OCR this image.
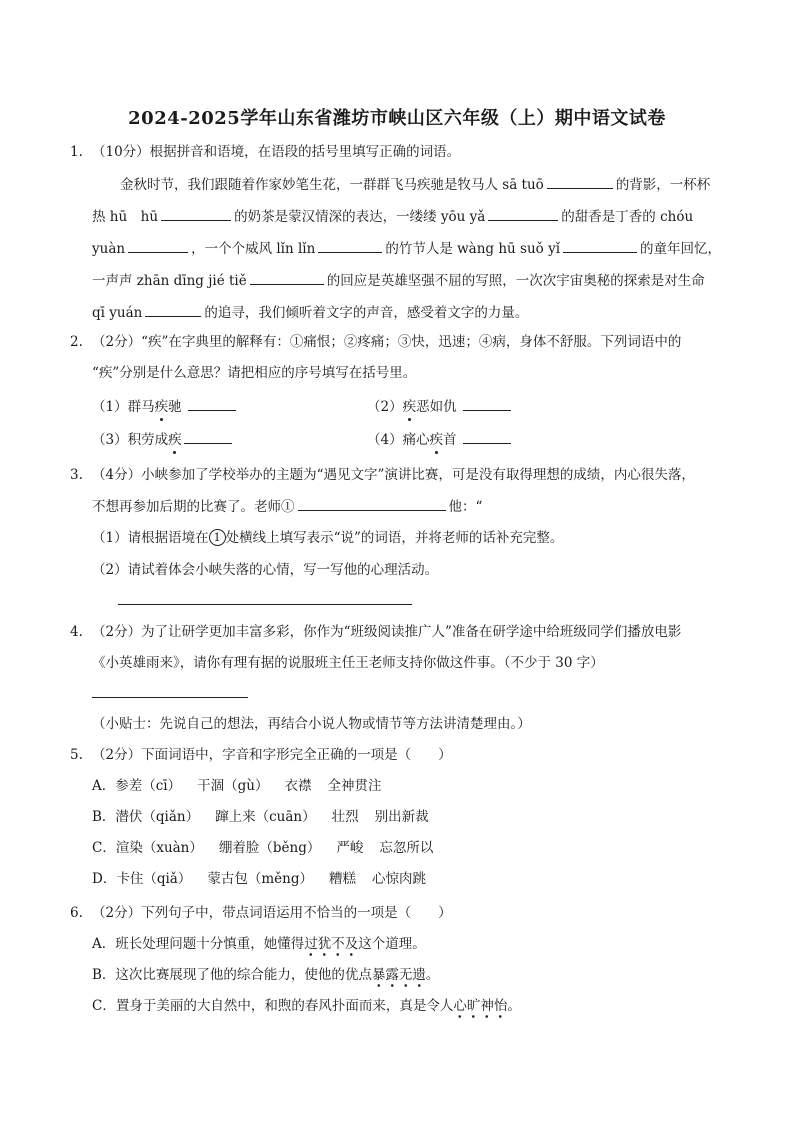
2024-2025学年山东省潍坊市峡山区六年级（上）期中语文试卷
1. （10分）根据拼音和语境，在语段的括号里填写正确的词语。
金秋时节，我们跟随着作家妙笔生花，一群群飞马疾驰是牧马人 sā tuō	的背影，一杯杯
热 hū　hū	的奶茶是蒙汉情深的表达，一缕缕 yōu yǎ	的甜香是丁香的 chóu
yuàn	，一个个威风 lǐn lǐn	的竹节人是 wàng hū suǒ yǐ	的童年回忆，
一声声 zhān dīng jié tiě	的回应是英雄坚强不屈的写照，一次次宇宙奥秘的探索是对生命
qī yuán	的追寻，我们倾听着文字的声音，感受着文字的力量。
2. （2分）“疾”在字典里的解释有：①痛恨；②疼痛；③快，迅速；④病，身体不舒服。下列词语中的
“疾”分别是什么意思？请把相应的序号填写在括号里。
（1）群马疾驰	（2）疾恶如仇
（3）积劳成疾	（4）痛心疾首
3. （4分）小峡参加了学校举办的主题为“遇见文字”演讲比赛，可是没有取得理想的成绩，内心很失落，
不想再参加后期的比赛了。老师①	他：“
（1）请根据语境在 1 处横线上填写表示“说”的词语，并将老师的话补充完整。
（2）请试着体会小峡失落的心情，写一写他的心理活动。
4. （2分）为了让研学更加丰富多彩，你作为“班级阅读推广人”准备在研学途中给班级同学们播放电影
《小英雄雨来》，请你有理有据的说服班主任王老师支持你做这件事。（不少于 30 字）
（小贴士：先说自己的想法，再结合小说人物或情节等方法讲清楚理由。）
5. （2分）下面词语中，字音和字形完全正确的一项是（　　）
A．参差（cī） 干涸（gù） 衣襟 全神贯注
B．潜伏（qiǎn） 蹿上来（cuān） 壮烈 别出新裁
C．渲染（xuàn） 绷着脸（běng） 严峻 忘忽所以
D．卡住（qiǎ） 蒙古包（měng） 糟糕 心惊肉跳
6. （2分）下列句子中，带点词语运用不恰当的一项是（　　）
A．班长处理问题十分慎重，她懂得过犹不及这个道理。
B．这次比赛展现了他的综合能力，使他的优点暴露无遗。
C．置身于美丽的大自然中，和煦的春风扑面而来，真是令人心旷神怡。
